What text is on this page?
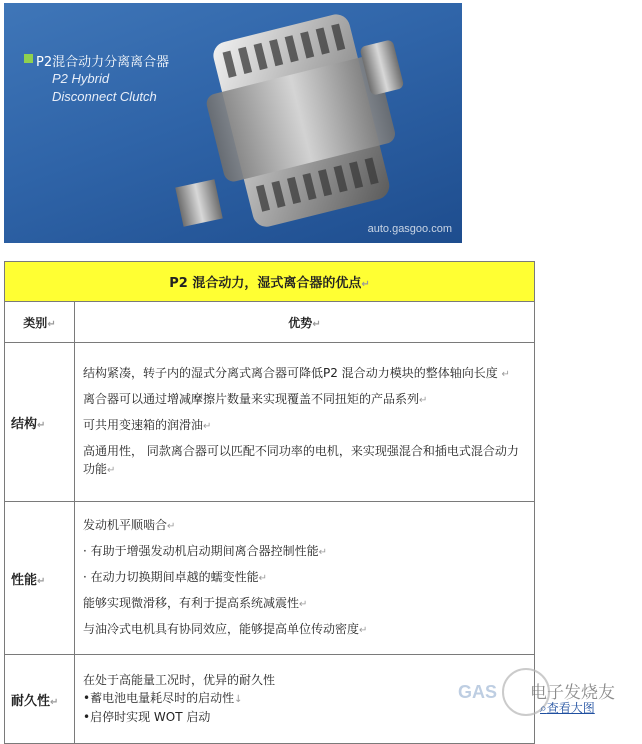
P2混合动力分离离合器
P2 Hybrid
Disconnect Clutch
auto.gasgoo.com
P2 混合动力，湿式离合器的优点↵	
类别↵	优势↵
结构↵	结构紧凑，转子内的湿式分离式离合器可降低P2 混合动力模块的整体轴向长度 ↵
离合器可以通过增减摩擦片数量来实现覆盖不同扭矩的产品系列↵
可共用变速箱的润滑油↵
高通用性， 同款离合器可以匹配不同功率的电机，来实现强混合和插电式混合动力功能↵

性能↵	发动机平顺啮合↵
· 有助于增强发动机启动期间离合器控制性能↵
· 在动力切换期间卓越的蠕变性能↵
能够实现微滑移，有利于提高系统减震性↵
与油冷式电机具有协同效应，能够提高单位传动密度↵

耐久性↵	在处于高能量工况时，优异的耐久性
•蓄电池电量耗尽时的启动性↓
•启停时实现 WOT 启动
GAS 电子发烧友
⌕查看大图
